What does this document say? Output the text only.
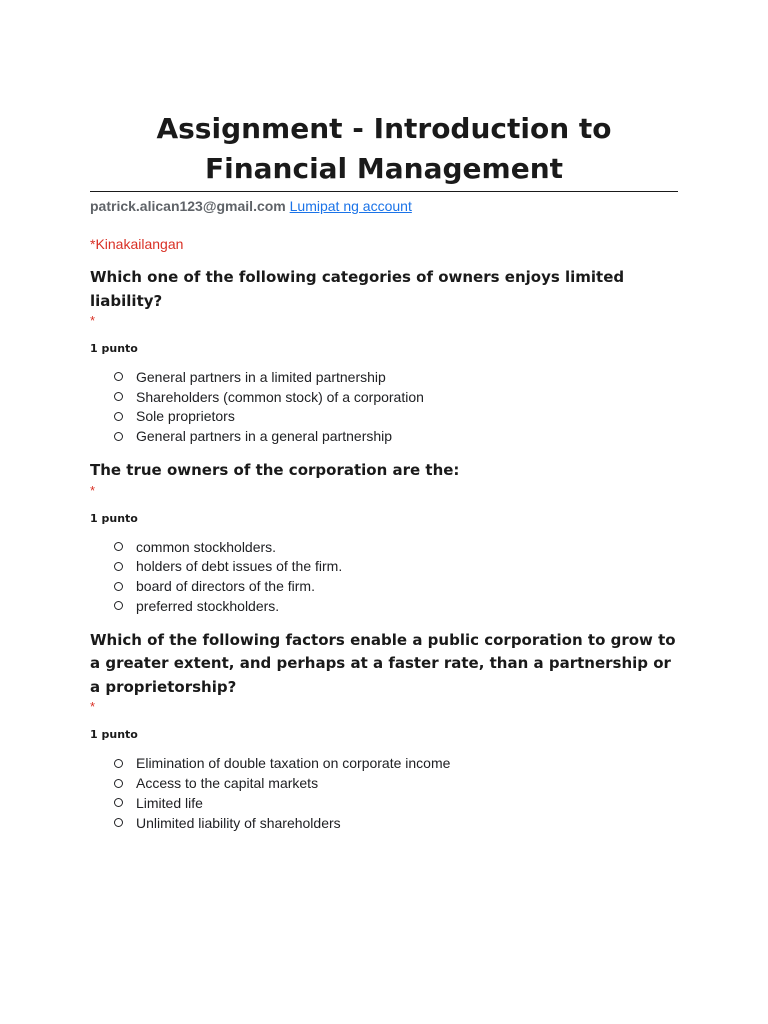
Assignment - Introduction to
Financial Management
patrick.alican123@gmail.com Lumipat ng account
*Kinakailangan
Which one of the following categories of owners enjoys limited liability?
*
1 punto
General partners in a limited partnership
Shareholders (common stock) of a corporation
Sole proprietors
General partners in a general partnership
The true owners of the corporation are the:
*
1 punto
common stockholders.
holders of debt issues of the firm.
board of directors of the firm.
preferred stockholders.
Which of the following factors enable a public corporation to grow to a greater extent, and perhaps at a faster rate, than a partnership or a proprietorship?
*
1 punto
Elimination of double taxation on corporate income
Access to the capital markets
Limited life
Unlimited liability of shareholders
